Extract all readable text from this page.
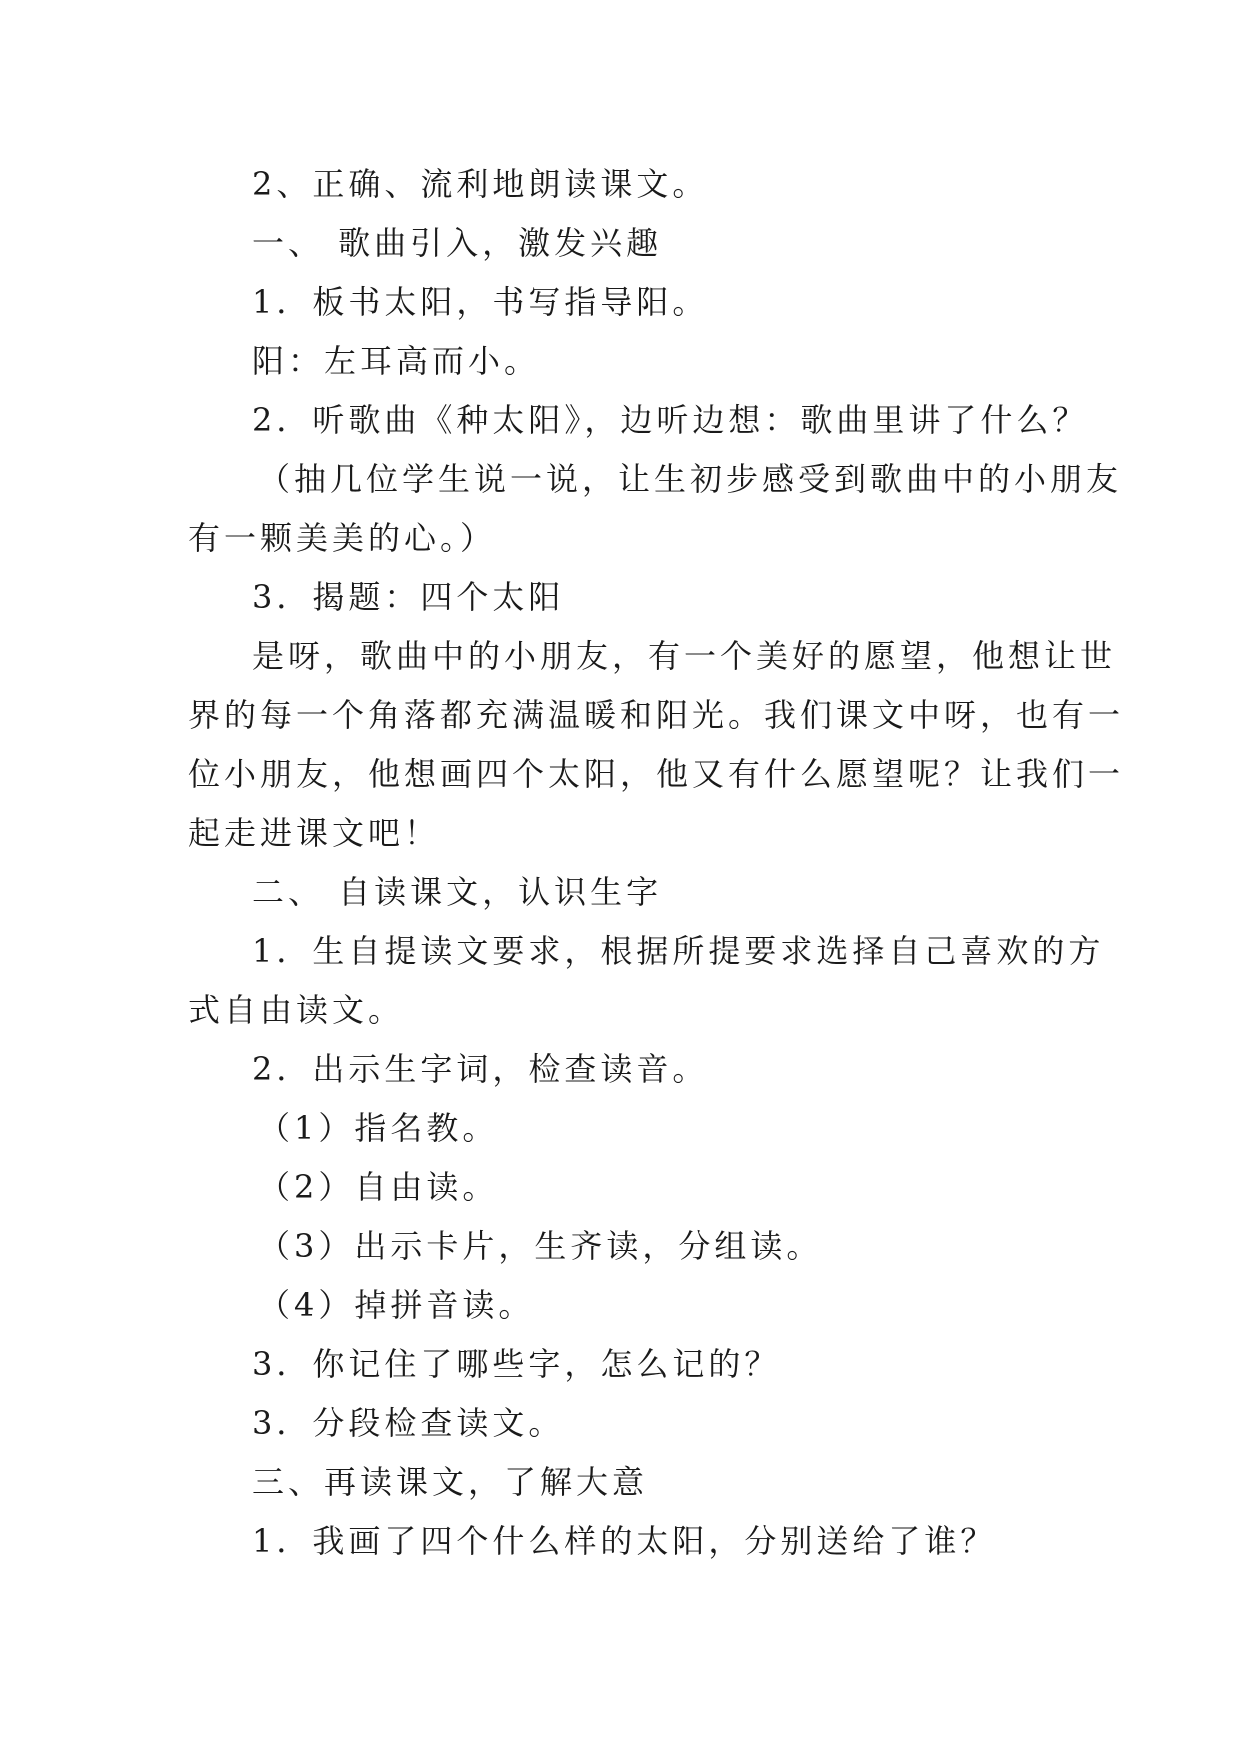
2、正确、流利地朗读课文。
一、 歌曲引入，激发兴趣
1．板书太阳，书写指导阳。
阳：左耳高而小。
2．听歌曲《种太阳》，边听边想：歌曲里讲了什么？
（抽几位学生说一说，让生初步感受到歌曲中的小朋友
有一颗美美的心。）
3．揭题：四个太阳
是呀，歌曲中的小朋友，有一个美好的愿望，他想让世
界的每一个角落都充满温暖和阳光。我们课文中呀，也有一
位小朋友，他想画四个太阳，他又有什么愿望呢？让我们一
起走进课文吧！
二、 自读课文，认识生字
1．生自提读文要求，根据所提要求选择自己喜欢的方
式自由读文。
2．出示生字词，检查读音。
（1）指名教。
（2）自由读。
（3）出示卡片，生齐读，分组读。
（4）掉拼音读。
3．你记住了哪些字，怎么记的？
3．分段检查读文。
三、再读课文，了解大意
1．我画了四个什么样的太阳，分别送给了谁？
